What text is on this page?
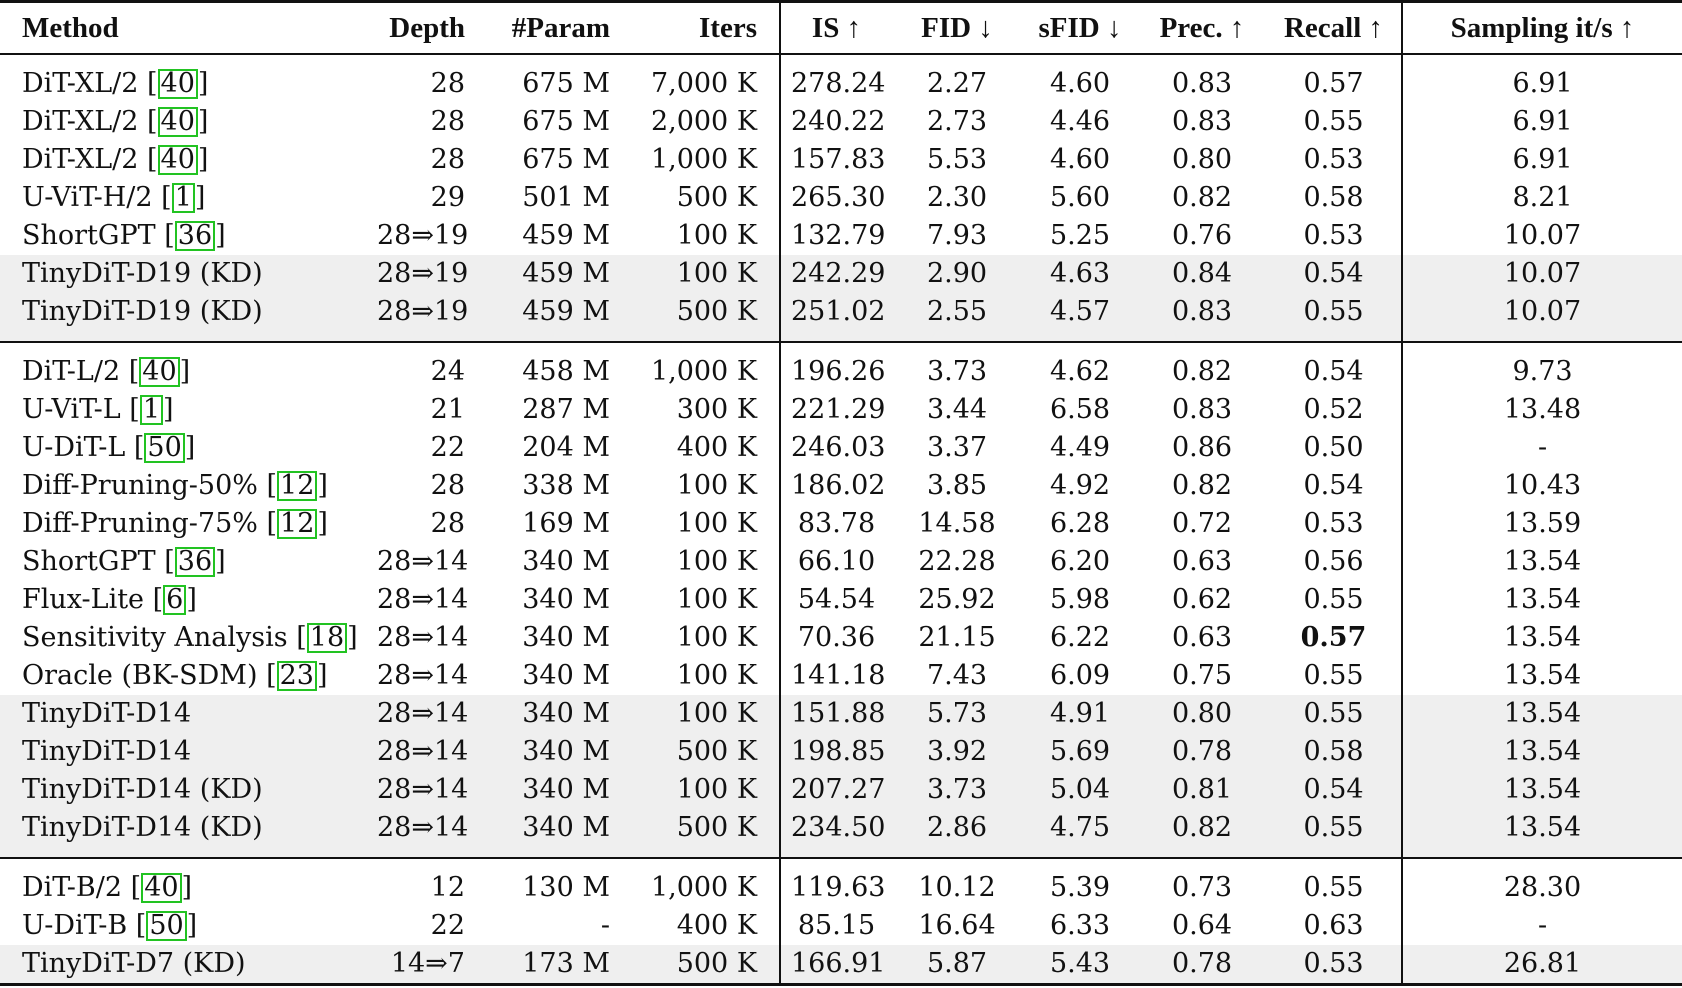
Method	Depth	#Param	Iters	IS ↑	FID ↓	sFID ↓	Prec. ↑	Recall ↑	Sampling it/s ↑
DiT-XL/2 [ 40 ]	28	675 M	7,000 K	278.24	2.27	4.60	0.83	0.57	6.91
DiT-XL/2 [ 40 ]	28	675 M	2,000 K	240.22	2.73	4.46	0.83	0.55	6.91
DiT-XL/2 [ 40 ]	28	675 M	1,000 K	157.83	5.53	4.60	0.80	0.53	6.91
U-ViT-H/2 [ 1 ]	29	501 M	500 K	265.30	2.30	5.60	0.82	0.58	8.21
ShortGPT [ 36 ]	28⇒19	459 M	100 K	132.79	7.93	5.25	0.76	0.53	10.07
TinyDiT-D19 (KD)	28⇒19	459 M	100 K	242.29	2.90	4.63	0.84	0.54	10.07
TinyDiT-D19 (KD)	28⇒19	459 M	500 K	251.02	2.55	4.57	0.83	0.55	10.07
DiT-L/2 [ 40 ]	24	458 M	1,000 K	196.26	3.73	4.62	0.82	0.54	9.73
U-ViT-L [ 1 ]	21	287 M	300 K	221.29	3.44	6.58	0.83	0.52	13.48
U-DiT-L [ 50 ]	22	204 M	400 K	246.03	3.37	4.49	0.86	0.50	-
Diff-Pruning-50% [ 12 ]	28	338 M	100 K	186.02	3.85	4.92	0.82	0.54	10.43
Diff-Pruning-75% [ 12 ]	28	169 M	100 K	83.78	14.58	6.28	0.72	0.53	13.59
ShortGPT [ 36 ]	28⇒14	340 M	100 K	66.10	22.28	6.20	0.63	0.56	13.54
Flux-Lite [ 6 ]	28⇒14	340 M	100 K	54.54	25.92	5.98	0.62	0.55	13.54
Sensitivity Analysis [ 18 ]	28⇒14	340 M	100 K	70.36	21.15	6.22	0.63	0.57	13.54
Oracle (BK-SDM) [ 23 ]	28⇒14	340 M	100 K	141.18	7.43	6.09	0.75	0.55	13.54
TinyDiT-D14	28⇒14	340 M	100 K	151.88	5.73	4.91	0.80	0.55	13.54
TinyDiT-D14	28⇒14	340 M	500 K	198.85	3.92	5.69	0.78	0.58	13.54
TinyDiT-D14 (KD)	28⇒14	340 M	100 K	207.27	3.73	5.04	0.81	0.54	13.54
TinyDiT-D14 (KD)	28⇒14	340 M	500 K	234.50	2.86	4.75	0.82	0.55	13.54
DiT-B/2 [ 40 ]	12	130 M	1,000 K	119.63	10.12	5.39	0.73	0.55	28.30
U-DiT-B [ 50 ]	22	-	400 K	85.15	16.64	6.33	0.64	0.63	-
TinyDiT-D7 (KD)	14⇒7	173 M	500 K	166.91	5.87	5.43	0.78	0.53	26.81
